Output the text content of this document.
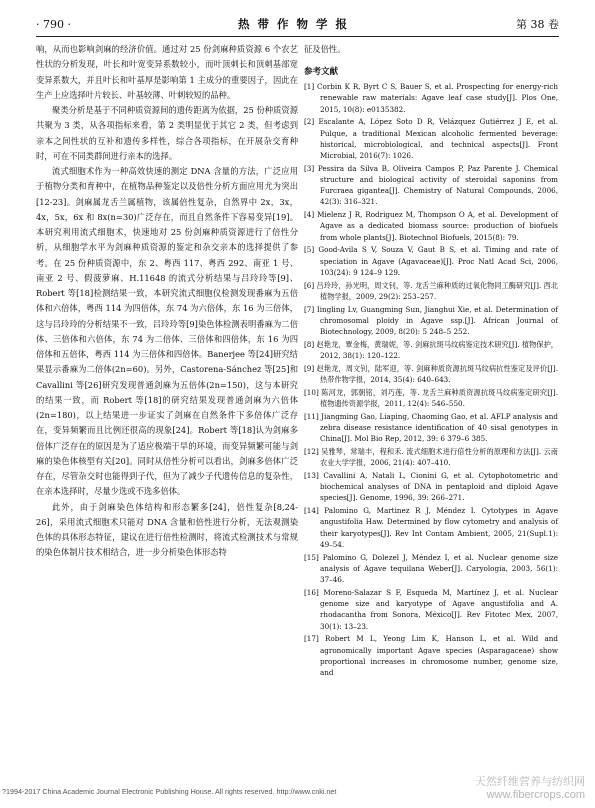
· 790 ·	热 带 作 物 学 报	第 38 卷

响，从而也影响剑麻的经济价值。通过对 25 份剑麻种质资源 6 个农艺性状的分析发现，叶长和叶宽变异系数较小，而叶顶刺长和顶刺基部宽变异系数大，并且叶长和叶基厚是影响第 1 主成分的重要因子，因此在生产上应选择叶片较长、叶基较薄、叶刺较短的品种。

聚类分析是基于不同种质资源间的遗传距离为依据，25 份种质资源共聚为 3 类，从各项指标来看，第 2 类明显优于其它 2 类，但考虑到亲本之间性状的互补和遗传多样性，综合各项指标，在开展杂交育种时，可在不同类群间进行亲本的选择。

流式细胞术作为一种高效快速的测定 DNA 含量的方法，广泛应用于植物分类和育种中，在植物品种鉴定以及倍性分析方面应用尤为突出[12-23]。剑麻属龙舌兰属植物，该属倍性复杂，自然界中 2x，3x，4x，5x，6x 和 8x(n=30)广泛存在，而且自然条件下容易变异[19]。本研究利用流式细胞术，快速地对 25 份剑麻种质资源进行了倍性分析，从细胞学水平为剑麻种质资源的鉴定和杂交亲本的选择提供了参考。在 25 份种质资源中，东 2、粤西 117、粤西 292、南亚 1 号、南亚 2 号、假菠萝麻、H.11648 的流式分析结果与吕玲玲等[9]、Robert 等[18]检测结果一致，本研究流式细胞仪检测发现番麻为五倍体和六倍体，粤西 114 为四倍体，东 74 为六倍体，东 16 为三倍体，这与吕玲玲的分析结果不一致，吕玲玲等[9]染色体检测表明番麻为二倍体、三倍体和六倍体，东 74 为二倍体、三倍体和四倍体，东 16 为四倍体和五倍体，粤西 114 为三倍体和四倍体。Banerjee 等[24]研究结果显示番麻为二倍体(2n=60)。另外，Castorena-Sánchez 等[25]和 Cavallini 等[26]研究发现普通剑麻为五倍体(2n=150)，这与本研究的结果一致，而 Robert 等[18]的研究结果发现普通剑麻为六倍体(2n=180)，以上结果进一步证实了剑麻在自然条件下多倍体广泛存在，变异频繁而且比例还很高的现象[24]。Robert 等[18]认为剑麻多倍体广泛存在的原因是为了适应极端干旱的环境，而变异频繁可能与剑麻的染色体核型有关[20]。同时从倍性分析可以看出，剑麻多倍体广泛存在，尽管杂交时也能得到子代，但为了减少子代遗传信息的复杂性，在亲本选择时，尽量少选或不选多倍体。

此外，由于剑麻染色体结构和形态繁多[24]，倍性复杂[8,24-26]，采用流式细胞术只能对 DNA 含量和倍性进行分析，无法观测染色体的具体形态特征，建议在进行倍性检测时，将流式检测技术与常规的染色体制片技术相结合，进一步分析染色体形态特

征及倍性。

参考文献

[1] Corbin K R, Byrt C S, Bauer S, et al. Prospecting for energy-rich renewable raw materials: Agave leaf case study[J]. Plos One, 2015, 10(8): e0135382.

[2] Escalante A, López Soto D R, Velázquez Gutiérrez J E, et al. Pulque, a traditional Mexican alcoholic fermented beverage: historical, microbiological, and technical aspects[J]. Front Microbial, 2016(7): 1026.

[3] Pessira da Silva B, Oliveira Campos P, Paz Parente J. Chemical structure and biological activity of steroidal saponins from Furcraea gigantea[J]. Chemistry of Natural Compounds, 2006, 42(3): 316–321.

[4] Mielenz J R, Rodriguez M, Thompson O A, et al. Development of Agave as a dedicated biomass source: production of biofuels from whole plants[J]. Biotechnol Biofuels, 2015(8): 79.

[5] Good-Avila S V, Souza V, Gaut B S, et al. Timing and rate of speciation in Agave (Agavaceae)[J]. Proc Natl Acad Sci, 2006, 103(24): 9 124–9 129.

[6] 吕玲玲，孙光明，周文钊，等. 龙舌兰麻种质的过氧化物同工酶研究[J]. 西北植物学报，2009, 29(2): 253–257.

[7] Iingling Lv, Guangming Sun, Jianghui Xie, et al. Determination of chromosomal ploidy in Agave ssp.[J]. African Journal of Biotechnology, 2009, 8(20): 5 248–5 252.

[8] 赵艳龙，覃金梅，黄瑞妮，等. 剑麻抗斑马纹病鉴定技术研究[J]. 植物保护，2012, 38(1): 120–122.

[9] 赵艳龙，周文钊，陆军迎，等. 剑麻种质资源抗斑马纹病抗性鉴定及评价[J]. 热带作物学报，2014, 35(4): 640–643.

[10] 陈河龙，郭朝铭，刘巧莲，等. 龙舌兰麻种质资源抗斑马纹病鉴定研究[J]. 植物遗传资源学报，2011, 12(4): 546–550.

[11] Jiangming Gao, Liaping, Chaoming Gao, et al. AFLP analysis and zebra disease resistance identification of 40 sisal genotypes in China[J]. Mol Bio Rep, 2012, 39: 6 379–6 385.

[12] 吴雅琴，常瑞丰，程和禾. 流式细胞术进行倍性分析的原理和方法[J]. 云南农业大学学报，2006, 21(4): 407–410.

[13] Cavallini A, Natali L, Cionini G, et al. Cytophotometric and biochemical analyses of DNA in pentaploid and diploid Agave species[J]. Genome, 1996, 39: 266–271.

[14] Palomino G, Martinez R J, Méndez I. Cytotypes in Agave angustifolia Haw. Determined by flow cytometry and analysis of their karyotypes[J]. Rev Int Contam Ambient, 2005, 21(Supl.1): 49–54.

[15] Palomino G, Dolezel J, Méndez I, et al. Nuclear genome size analysis of Agave tequilana Weber[J]. Caryologia, 2003, 56(1): 37–46.

[16] Moreno-Salazar S F, Esqueda M, Martínez J, et al. Nuclear genome size and karyotype of Agave angustifolia and A. rhodacantha from Sonora, México[J]. Rev Fitotec Mex, 2007, 30(1): 13–23.

[17] Robert M L, Yeong Lim K, Hanson L, et al. Wild and agronomically important Agave species (Asparagaceae) show proportional increases in chromosome number, genome size, and

?1994-2017 China Academic Journal Electronic Publishing House. All rights reserved. http://www.cnki.net
天然纤维营养与纺织网
www.fibercrops.com
